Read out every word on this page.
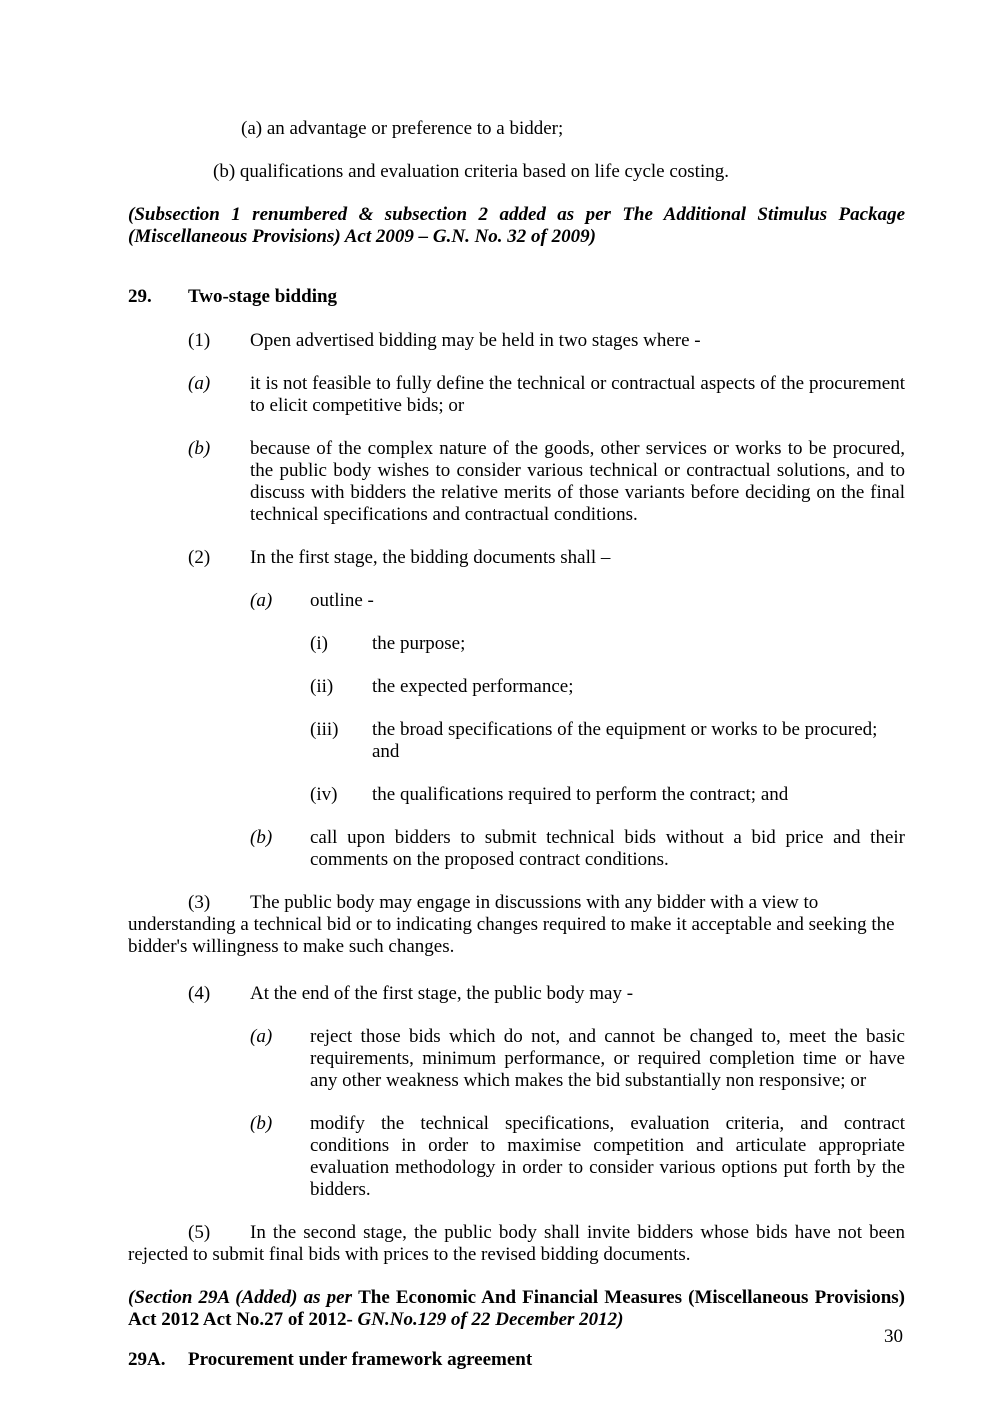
(a) an advantage or preference to a bidder;

(b) qualifications and evaluation criteria based on life cycle costing.

(Subsection 1 renumbered & subsection 2 added as per The Additional Stimulus Package (Miscellaneous Provisions) Act 2009 – G.N. No. 32 of 2009)

29. Two-stage bidding
(1) Open advertised bidding may be held in two stages where -
(a) it is not feasible to fully define the technical or contractual aspects of the procurement to elicit competitive bids; or
(b) because of the complex nature of the goods, other services or works to be procured, the public body wishes to consider various technical or contractual solutions, and to discuss with bidders the relative merits of those variants before deciding on the final technical specifications and contractual conditions.
(2) In the first stage, the bidding documents shall –
(a) outline -
(i) the purpose;
(ii) the expected performance;
(iii) the broad specifications of the equipment or works to be procured; and
(iv) the qualifications required to perform the contract; and
(b) call upon bidders to submit technical bids without a bid price and their comments on the proposed contract conditions.

(3) The public body may engage in discussions with any bidder with a view to understanding a technical bid or to indicating changes required to make it acceptable and seeking the bidder's willingness to make such changes.

(4) At the end of the first stage, the public body may -
(a) reject those bids which do not, and cannot be changed to, meet the basic requirements, minimum performance, or required completion time or have any other weakness which makes the bid substantially non responsive; or
(b) modify the technical specifications, evaluation criteria, and contract conditions in order to maximise competition and articulate appropriate evaluation methodology in order to consider various options put forth by the bidders.

(5) In the second stage, the public body shall invite bidders whose bids have not been rejected to submit final bids with prices to the revised bidding documents.

(Section 29A (Added) as per The Economic And Financial Measures (Miscellaneous Provisions) Act 2012 Act No.27 of 2012- GN.No.129 of 22 December 2012)

29A. Procurement under framework agreement
30
